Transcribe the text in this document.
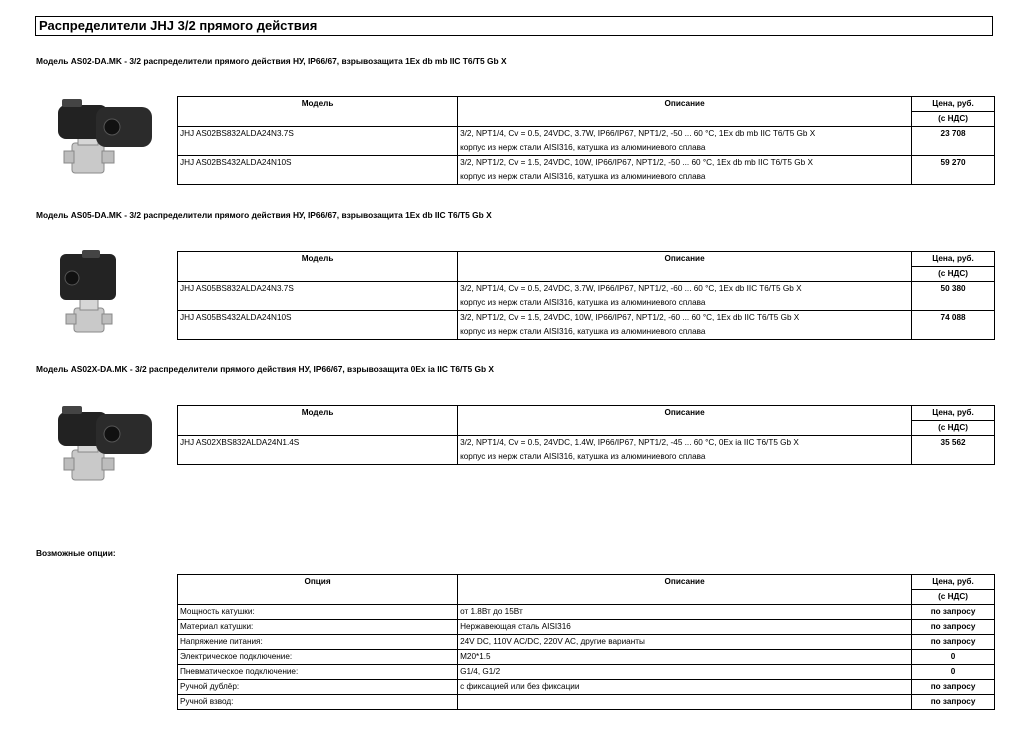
Распределители JHJ 3/2 прямого действия
Модель AS02-DA.MK - 3/2 распределители прямого действия НУ, IP66/67, взрывозащита 1Ex db mb IIC T6/T5 Gb X
Модель	Описание	Цена, руб.
		(с НДС)
JHJ AS02BS832ALDA24N3.7S	3/2, NPT1/4, Cv = 0.5, 24VDC, 3.7W, IP66/IP67, NPT1/2, -50 ... 60 °C, 1Ex db mb IIC T6/T5 Gb X	23 708
	корпус из нерж стали AISI316, катушка из алюминиевого сплава	
JHJ AS02BS432ALDA24N10S	3/2, NPT1/2, Cv = 1.5, 24VDC, 10W, IP66/IP67, NPT1/2, -50 ... 60 °C, 1Ex db mb IIC T6/T5 Gb X	59 270
	корпус из нерж стали AISI316, катушка из алюминиевого сплава	
Модель AS05-DA.MK - 3/2 распределители прямого действия НУ, IP66/67, взрывозащита 1Ex db IIC T6/T5 Gb X
Модель	Описание	Цена, руб.
		(с НДС)
JHJ AS05BS832ALDA24N3.7S	3/2, NPT1/4, Cv = 0.5, 24VDC, 3.7W, IP66/IP67, NPT1/2, -60 ... 60 °C, 1Ex db IIC T6/T5 Gb X	50 380
	корпус из нерж стали AISI316, катушка из алюминиевого сплава	
JHJ AS05BS432ALDA24N10S	3/2, NPT1/2, Cv = 1.5, 24VDC, 10W, IP66/IP67, NPT1/2, -60 ... 60 °C, 1Ex db IIC T6/T5 Gb X	74 088
	корпус из нерж стали AISI316, катушка из алюминиевого сплава	
Модель AS02X-DA.MK - 3/2 распределители прямого действия НУ, IP66/67, взрывозащита 0Ex ia IIC T6/T5 Gb X
Модель	Описание	Цена, руб.
		(с НДС)
JHJ AS02XBS832ALDA24N1.4S	3/2, NPT1/4, Cv = 0.5, 24VDC, 1.4W, IP66/IP67, NPT1/2, -45 ... 60 °C, 0Ex ia IIC T6/T5 Gb X	35 562
	корпус из нерж стали AISI316, катушка из алюминиевого сплава	
Возможные опции:
Опция	Описание	Цена, руб.
		(с НДС)
Мощность катушки:	от 1.8Вт до 15Вт	по запросу
Материал катушки:	Нержавеющая сталь AISI316	по запросу
Напряжение питания:	24V DC, 110V AC/DC, 220V AC, другие варианты	по запросу
Электрическое подключение:	M20*1.5	0
Пневматическое подключение:	G1/4, G1/2	0
Ручной дублёр:	с фиксацией или без фиксации	по запросу
Ручной взвод:		по запросу
